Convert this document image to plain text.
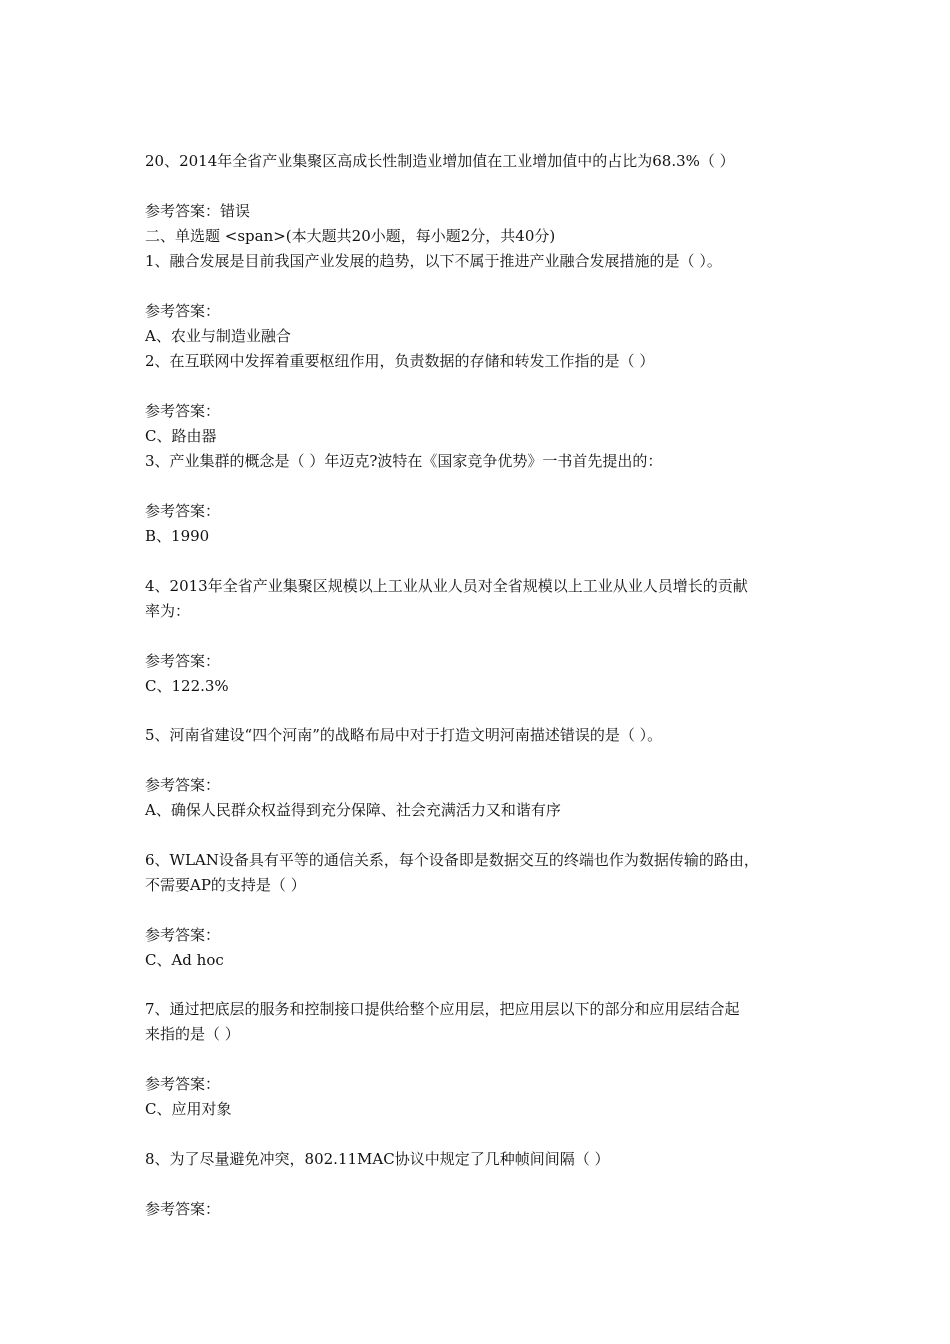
20、2014年全省产业集聚区高成长性制造业增加值在工业增加值中的占比为68.3%（ ）
参考答案：错误
二、单选题 <span>(本大题共20小题，每小题2分，共40分)
1、融合发展是目前我国产业发展的趋势，以下不属于推进产业融合发展措施的是（ ）。
参考答案：
A、农业与制造业融合
2、在互联网中发挥着重要枢纽作用，负责数据的存储和转发工作指的是（ ）
参考答案：
C、路由器
3、产业集群的概念是（ ）年迈克?波特在《国家竞争优势》一书首先提出的：
参考答案：
B、1990
4、2013年全省产业集聚区规模以上工业从业人员对全省规模以上工业从业人员增长的贡献
率为：
参考答案：
C、122.3%
5、河南省建设“四个河南”的战略布局中对于打造文明河南描述错误的是（ ）。
参考答案：
A、确保人民群众权益得到充分保障、社会充满活力又和谐有序
6、WLAN设备具有平等的通信关系，每个设备即是数据交互的终端也作为数据传输的路由，
不需要AP的支持是（ ）
参考答案：
C、Ad hoc
7、通过把底层的服务和控制接口提供给整个应用层，把应用层以下的部分和应用层结合起
来指的是（ ）
参考答案：
C、应用对象
8、为了尽量避免冲突，802.11MAC协议中规定了几种帧间间隔（ ）
参考答案：
